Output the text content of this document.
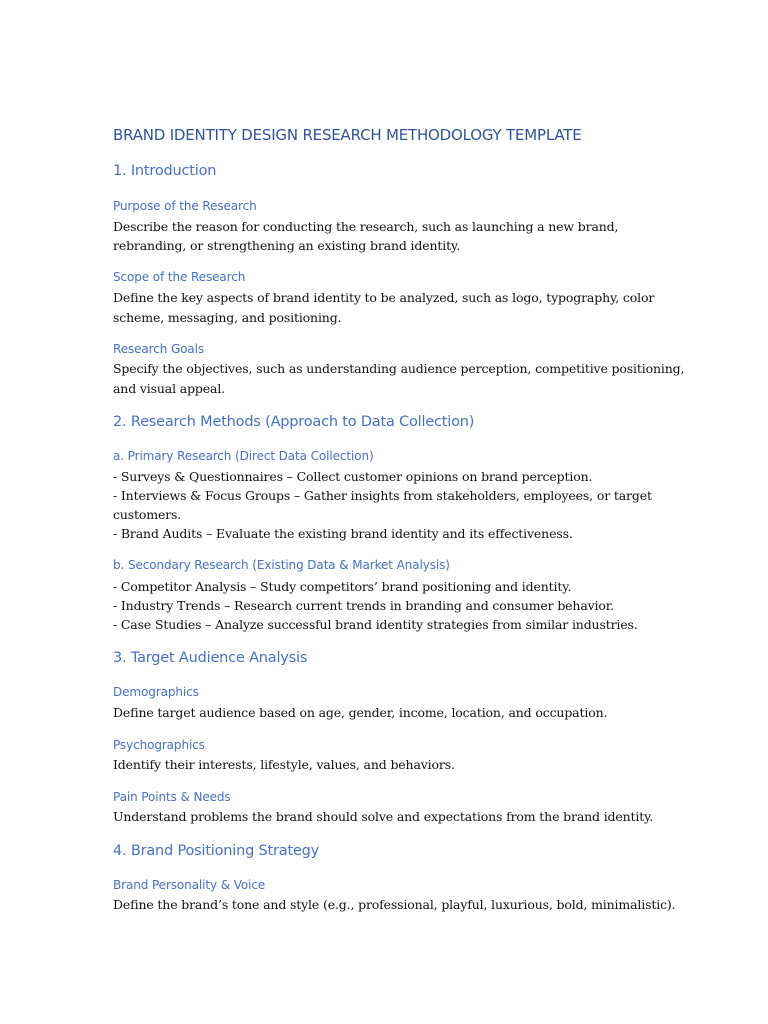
BRAND IDENTITY DESIGN RESEARCH METHODOLOGY TEMPLATE
1. Introduction
Purpose of the Research
Describe the reason for conducting the research, such as launching a new brand,
rebranding, or strengthening an existing brand identity.
Scope of the Research
Define the key aspects of brand identity to be analyzed, such as logo, typography, color
scheme, messaging, and positioning.
Research Goals
Specify the objectives, such as understanding audience perception, competitive positioning,
and visual appeal.
2. Research Methods (Approach to Data Collection)
a. Primary Research (Direct Data Collection)
- Surveys & Questionnaires – Collect customer opinions on brand perception.
- Interviews & Focus Groups – Gather insights from stakeholders, employees, or target
customers.
- Brand Audits – Evaluate the existing brand identity and its effectiveness.
b. Secondary Research (Existing Data & Market Analysis)
- Competitor Analysis – Study competitors’ brand positioning and identity.
- Industry Trends – Research current trends in branding and consumer behavior.
- Case Studies – Analyze successful brand identity strategies from similar industries.
3. Target Audience Analysis
Demographics
Define target audience based on age, gender, income, location, and occupation.
Psychographics
Identify their interests, lifestyle, values, and behaviors.
Pain Points & Needs
Understand problems the brand should solve and expectations from the brand identity.
4. Brand Positioning Strategy
Brand Personality & Voice
Define the brand’s tone and style (e.g., professional, playful, luxurious, bold, minimalistic).
